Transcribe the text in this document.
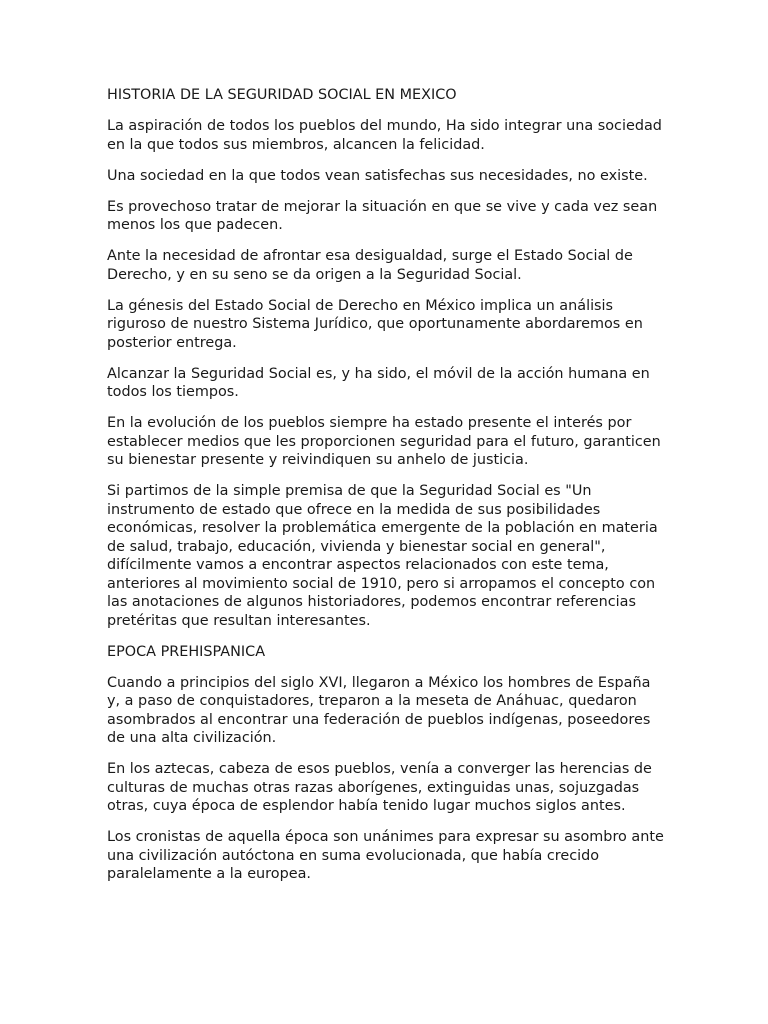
HISTORIA DE LA SEGURIDAD SOCIAL EN MEXICO

La aspiración de todos los pueblos del mundo, Ha sido integrar una sociedad en la que todos sus miembros, alcancen la felicidad.

Una sociedad en la que todos vean satisfechas sus necesidades, no existe.

Es provechoso tratar de mejorar la situación en que se vive y cada vez sean menos los que padecen.

Ante la necesidad de afrontar esa desigualdad, surge el Estado Social de Derecho, y en su seno se da origen a la Seguridad Social.

La génesis del Estado Social de Derecho en México implica un análisis riguroso de nuestro Sistema Jurídico, que oportunamente abordaremos en posterior entrega.

Alcanzar la Seguridad Social es, y ha sido, el móvil de la acción humana en todos los tiempos.

En la evolución de los pueblos siempre ha estado presente el interés por establecer medios que les proporcionen seguridad para el futuro, garanticen su bienestar presente y reivindiquen su anhelo de justicia.

Si partimos de la simple premisa de que la Seguridad Social es "Un instrumento de estado que ofrece en la medida de sus posibilidades económicas, resolver la problemática emergente de la población en materia de salud, trabajo, educación, vivienda y bienestar social en general", difícilmente vamos a encontrar aspectos relacionados con este tema, anteriores al movimiento social de 1910, pero si arropamos el concepto con las anotaciones de algunos historiadores, podemos encontrar referencias pretéritas que resultan interesantes.

EPOCA PREHISPANICA

Cuando a principios del siglo XVI, llegaron a México los hombres de España y, a paso de conquistadores, treparon a la meseta de Anáhuac, quedaron asombrados al encontrar una federación de pueblos indígenas, poseedores de una alta civilización.

En los aztecas, cabeza de esos pueblos, venía a converger las herencias de culturas de muchas otras razas aborígenes, extinguidas unas, sojuzgadas otras, cuya época de esplendor había tenido lugar muchos siglos antes.

Los cronistas de aquella época son unánimes para expresar su asombro ante una civilización autóctona en suma evolucionada, que había crecido paralelamente a la europea.
